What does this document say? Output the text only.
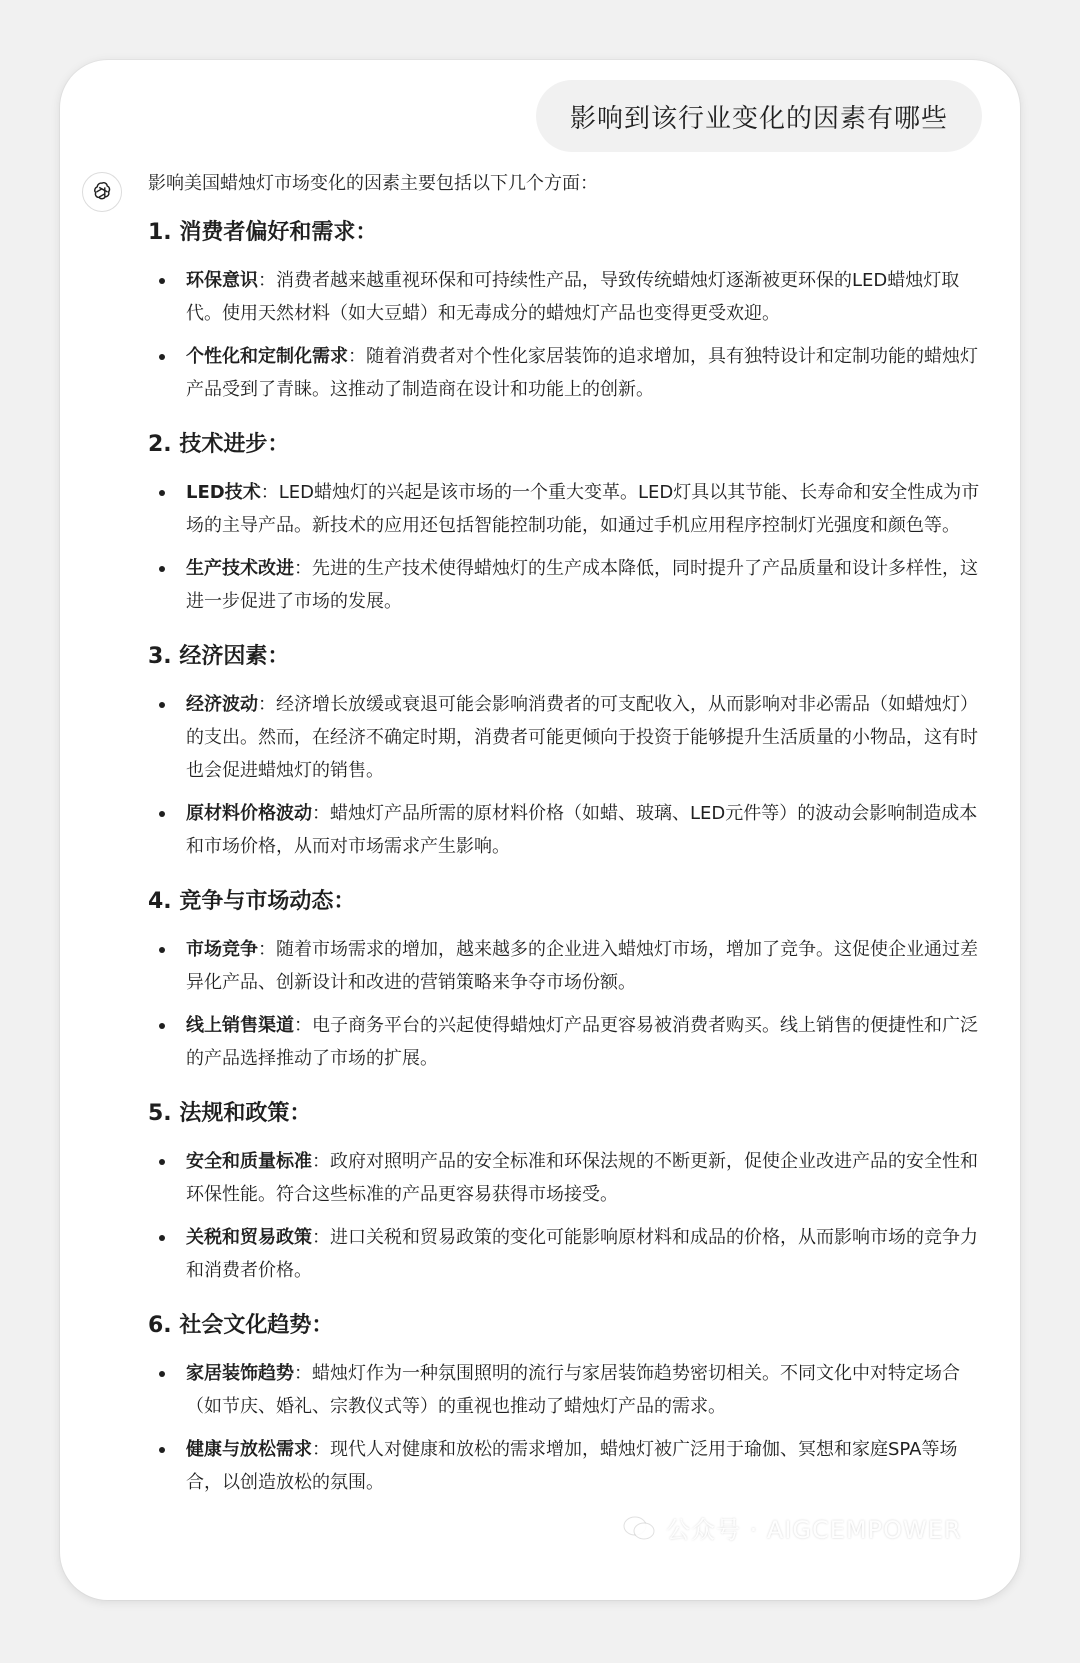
影响到该行业变化的因素有哪些

影响美国蜡烛灯市场变化的因素主要包括以下几个方面：

1. 消费者偏好和需求：
环保意识：消费者越来越重视环保和可持续性产品，导致传统蜡烛灯逐渐被更环保的LED蜡烛灯取代。使用天然材料（如大豆蜡）和无毒成分的蜡烛灯产品也变得更受欢迎。
个性化和定制化需求：随着消费者对个性化家居装饰的追求增加，具有独特设计和定制功能的蜡烛灯产品受到了青睐。这推动了制造商在设计和功能上的创新。
2. 技术进步：
LED技术：LED蜡烛灯的兴起是该市场的一个重大变革。LED灯具以其节能、长寿命和安全性成为市场的主导产品。新技术的应用还包括智能控制功能，如通过手机应用程序控制灯光强度和颜色等。
生产技术改进：先进的生产技术使得蜡烛灯的生产成本降低，同时提升了产品质量和设计多样性，这进一步促进了市场的发展。
3. 经济因素：
经济波动：经济增长放缓或衰退可能会影响消费者的可支配收入，从而影响对非必需品（如蜡烛灯）的支出。然而，在经济不确定时期，消费者可能更倾向于投资于能够提升生活质量的小物品，这有时也会促进蜡烛灯的销售。
原材料价格波动：蜡烛灯产品所需的原材料价格（如蜡、玻璃、LED元件等）的波动会影响制造成本和市场价格，从而对市场需求产生影响。
4. 竞争与市场动态：
市场竞争：随着市场需求的增加，越来越多的企业进入蜡烛灯市场，增加了竞争。这促使企业通过差异化产品、创新设计和改进的营销策略来争夺市场份额。
线上销售渠道：电子商务平台的兴起使得蜡烛灯产品更容易被消费者购买。线上销售的便捷性和广泛的产品选择推动了市场的扩展。
5. 法规和政策：
安全和质量标准：政府对照明产品的安全标准和环保法规的不断更新，促使企业改进产品的安全性和环保性能。符合这些标准的产品更容易获得市场接受。
关税和贸易政策：进口关税和贸易政策的变化可能影响原材料和成品的价格，从而影响市场的竞争力和消费者价格。
6. 社会文化趋势：
家居装饰趋势：蜡烛灯作为一种氛围照明的流行与家居装饰趋势密切相关。不同文化中对特定场合（如节庆、婚礼、宗教仪式等）的重视也推动了蜡烛灯产品的需求。
健康与放松需求：现代人对健康和放松的需求增加，蜡烛灯被广泛用于瑜伽、冥想和家庭SPA等场合，以创造放松的氛围。
公众号 · AIGCEMPOWER
